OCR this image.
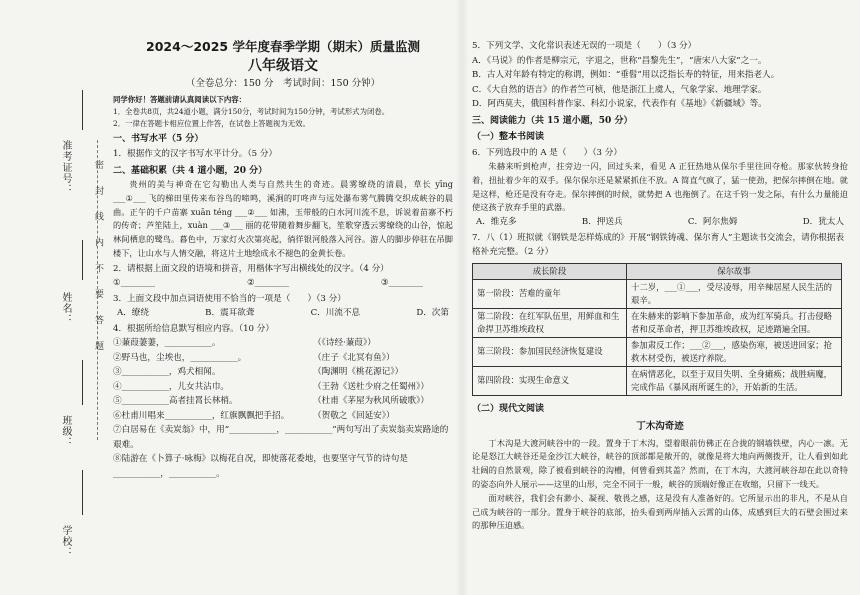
准考证号：
姓名：
班级：
学校：
密 封 线 内 不 要 答 题
2024～2025 学年度春季学期（期末）质量监测
八年级语文
（全卷总分：150 分　考试时间：150 分钟）
同学你好！答题前请认真阅读以下内容：
1．全卷共8页，共24道小题，满分150分，考试时间为150分钟，考试形式为闭卷。
2．一律在答题卡相应位置上作答，在试卷上答题视为无效。
一、书写水平（5 分）
1．根据作文的汉字书写水平计分。（5 分）
二、基础积累（共 4 道小题，20 分）
贵州的美与神奇在它勾勒出人类与自然共生的奇迹。晨雾缭绕的清晨，草长 yīng ___①___ 飞的梯田里传来布谷鸟的啼鸣，溪涧的叮咚声与远处瀑布雾气腾腾交织成峡谷的晨曲。正午的千户苗寨 xuān téng ___②___ 如沸，玉带般的白水河川流不息，诉说着苗寨不朽的传奇；芦笙陆上，xuàn ___③___ 丽的花带随着舞步翻飞，笙歌穿透云雾缭绕的山谷，惊起林间栖息的鹭鸟。暮色中，万家灯火次第亮起，徜徉银河般落入河谷。游人的脚步停驻在吊脚楼下，让山水与人情交融，将这片土地绘成永不褪色的金黄长卷。
2．请根据上面文段的语境和拼音，用楷体字写出横线处的汉字。（4 分）
①________	②________	③________
3．上面文段中加点词语使用不恰当的一项是（　　）（3 分）
A．缭绕	B．震耳欲聋	C．川流不息	D．次第
4．根据所给信息默写相应内容。（10 分）
①蒹葭萋萋，___________。	（《诗经·蒹葭》）
②野马也，尘埃也，___________。	（庄子《北冥有鱼》）
③___________，鸡犬相闻。	（陶渊明《桃花源记》）
④___________，儿女共沾巾。	（王勃《送杜少府之任蜀州》）
⑤___________高者挂罥长林梢。	（杜甫《茅屋为秋风所破歌》）
⑥杜甫川唱来___________，红旗飘飘把手招。	（贺敬之《回延安》）
⑦白居易在《卖炭翁》中，用“___________，___________”两句写出了卖炭翁卖炭路途的艰难。
⑧陆游在《卜算子·咏梅》以梅花自况，即使落花委地，也要坚守气节的诗句是___________，___________。
5．下列文学、文化常识表述无误的一项是（　　）（3 分）
A．《马说》的作者是柳宗元，字退之，世称“昌黎先生”，“唐宋八大家”之一。
B．古人对年龄有特定的称谓，例如：“垂髫”用以泛指长寿的特征，用来指老人。
C．《大自然的语言》的作者竺可桢，他是浙江上虞人，气象学家、地理学家。
D．阿西莫夫，俄国科普作家、科幻小说家，代表作有《基地》《新疆域》等。
三、阅读能力（共 15 道小题，50 分）
（一）整本书阅读
6．下列选段中的 A 是（　　）（3 分）
朱赫来听到枪声，拄旁边一闪，回过头来，看见 A 正狂热地从保尔手里往回夺枪。那家伙转身抢着，扭扯着少年的双手。保尔保尔还是紧紧抓住不放。A 简直气疯了，猛一使劲，把保尔摔倒在地。就是这样，枪还是没有夺走。保尔摔倒的时候，就势把 A 也拖倒了。在这千钧一发之际，有什么力量能迫使这孩子放弃手里的武器。
A．维克多	B．押送兵	C．阿尔焦姆	D．犹太人
7．八（1）班拟就《钢铁是怎样炼成的》开展“钢铁铸魂、保尔育人”主题读书交流会，请你根据表格补充完整。（2 分）
成长阶段	保尔故事
第一阶段：苦难的童年	十二岁，___①___，受尽凌辱，用辛辣居屋人民生活的艰辛。
第二阶段：在红军队伍里，用鲜血和生命捍卫苏维埃政权	在朱赫来的影响下参加革命，成为红军骑兵。打击侵略者和反革命者，押卫苏维埃政权，足迹踏遍全国。
第三阶段：参加国民经济恢复建设	参加肃反工作；___②___，感染伤寒，被送进回家；抢救木材受伤，被送疗养院。
第四阶段：实现生命意义	在病情恶化，以至于双目失明、全身瘫痪；战胜病魔，完成作品《暴风雨所诞生的》，开始新的生活。
（二）现代文阅读
丁木沟奇迹
丁木沟是大渡河峡谷中的一段。置身于丁木沟，望着眼前仿佛正在合拢的钢墙铁壁，内心一凛。无论是怒江大峡谷还是金沙江大峡谷，峡谷的顶部都是敞开的，就像是将大地向两侧拨开，让人看到如此壮阔的自然景观，除了被看到峡谷的沟槽，何曾看到其盖？然而，在丁木沟，大渡河峡谷却在此以奇特的姿态向外人展示——这里的山形，完全不同于一般，峡谷的顶端好像正在收缩，只留下一线天。
面对峡谷，我们会有渺小、凝视、敬畏之感，这是没有人准备好的。它所显示出的非凡，不是从自己成为峡谷的一部分。置身于峡谷的底部，抬头看到两岸插入云霄的山体，成感到巨大的石壁会围过来的那种压迫感。
